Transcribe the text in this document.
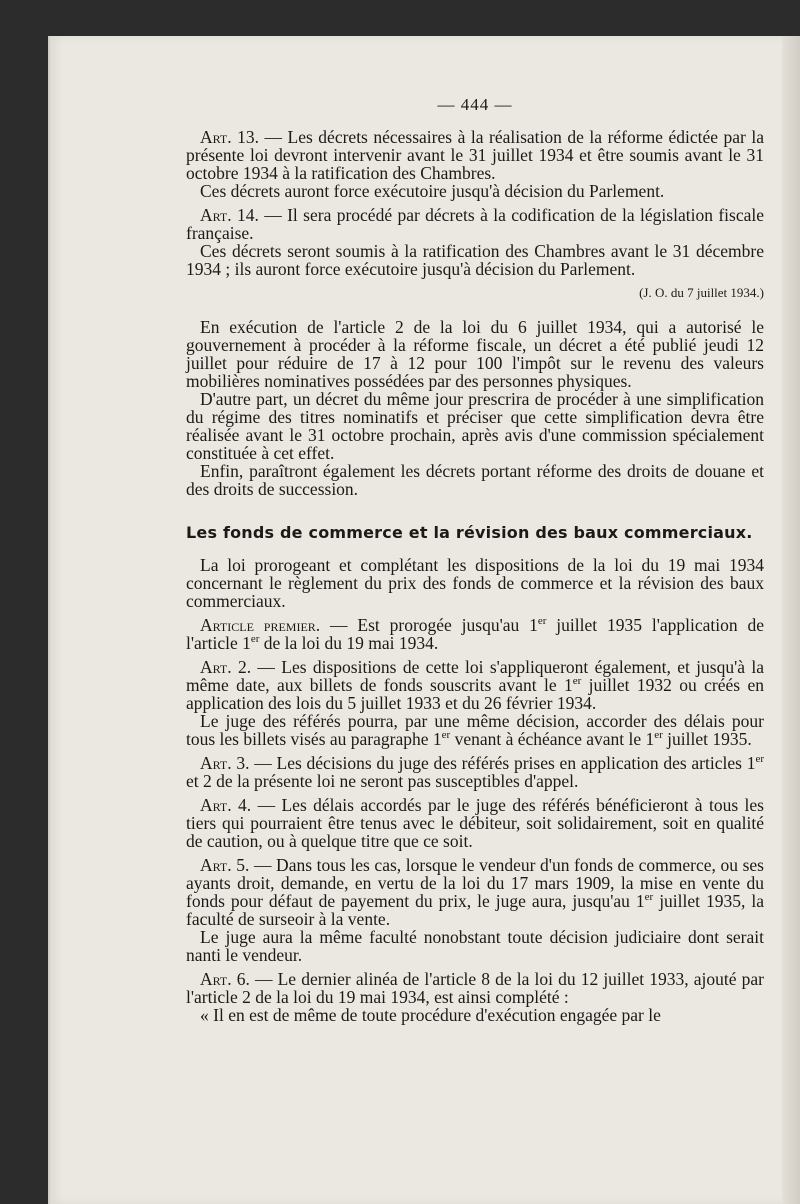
— 444 —

Art. 13. — Les décrets nécessaires à la réalisation de la réforme édictée par la présente loi devront intervenir avant le 31 juillet 1934 et être soumis avant le 31 octobre 1934 à la ratification des Chambres.

Ces décrets auront force exécutoire jusqu'à décision du Parlement.

Art. 14. — Il sera procédé par décrets à la codification de la législation fiscale française.

Ces décrets seront soumis à la ratification des Chambres avant le 31 décembre 1934 ; ils auront force exécutoire jusqu'à décision du Parlement.

(J. O. du 7 juillet 1934.)

En exécution de l'article 2 de la loi du 6 juillet 1934, qui a autorisé le gouvernement à procéder à la réforme fiscale, un décret a été publié jeudi 12 juillet pour réduire de 17 à 12 pour 100 l'impôt sur le revenu des valeurs mobilières nominatives possédées par des personnes physiques.

D'autre part, un décret du même jour prescrira de procéder à une simplification du régime des titres nominatifs et préciser que cette simplification devra être réalisée avant le 31 octobre prochain, après avis d'une commission spécialement constituée à cet effet.

Enfin, paraîtront également les décrets portant réforme des droits de douane et des droits de succession.

Les fonds de commerce et la révision des baux commerciaux.

La loi prorogeant et complétant les dispositions de la loi du 19 mai 1934 concernant le règlement du prix des fonds de commerce et la révision des baux commerciaux.

Article premier. — Est prorogée jusqu'au 1er juillet 1935 l'application de l'article 1er de la loi du 19 mai 1934.

Art. 2. — Les dispositions de cette loi s'appliqueront également, et jusqu'à la même date, aux billets de fonds souscrits avant le 1er juillet 1932 ou créés en application des lois du 5 juillet 1933 et du 26 février 1934.

Le juge des référés pourra, par une même décision, accorder des délais pour tous les billets visés au paragraphe 1er venant à échéance avant le 1er juillet 1935.

Art. 3. — Les décisions du juge des référés prises en application des articles 1er et 2 de la présente loi ne seront pas susceptibles d'appel.

Art. 4. — Les délais accordés par le juge des référés bénéficieront à tous les tiers qui pourraient être tenus avec le débiteur, soit solidairement, soit en qualité de caution, ou à quelque titre que ce soit.

Art. 5. — Dans tous les cas, lorsque le vendeur d'un fonds de commerce, ou ses ayants droit, demande, en vertu de la loi du 17 mars 1909, la mise en vente du fonds pour défaut de payement du prix, le juge aura, jusqu'au 1er juillet 1935, la faculté de surseoir à la vente.

Le juge aura la même faculté nonobstant toute décision judiciaire dont serait nanti le vendeur.

Art. 6. — Le dernier alinéa de l'article 8 de la loi du 12 juillet 1933, ajouté par l'article 2 de la loi du 19 mai 1934, est ainsi complété :

« Il en est de même de toute procédure d'exécution engagée par le
